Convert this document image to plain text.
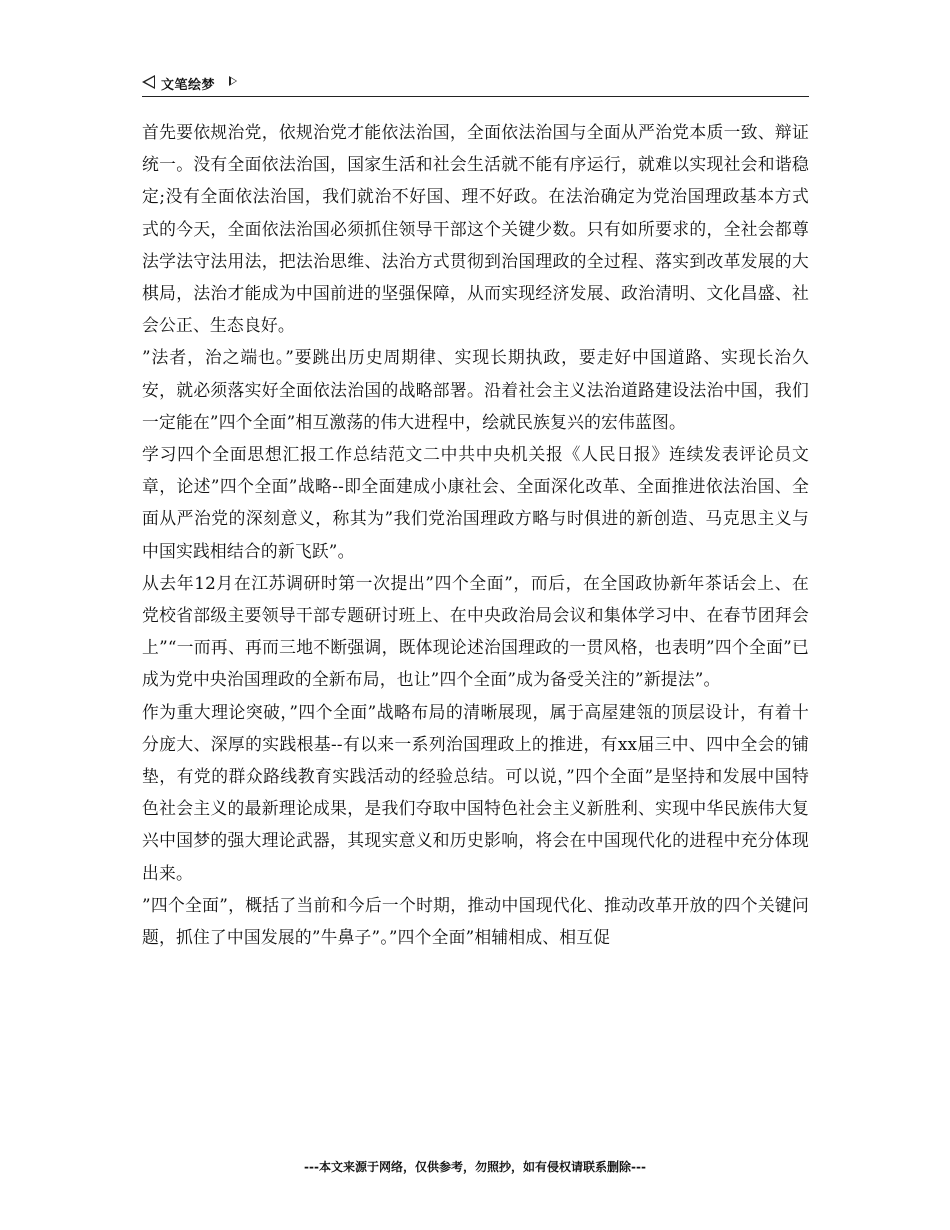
文笔绘梦

首先要依规治党，依规治党才能依法治国，全面依法治国与全面从严治党本质一致、辩证统一。没有全面依法治国，国家生活和社会生活就不能有序运行，就难以实现社会和谐稳定;没有全面依法治国，我们就治不好国、理不好政。在法治确定为党治国理政基本方式式的今天，全面依法治国必须抓住领导干部这个关键少数。只有如所要求的，全社会都尊法学法守法用法，把法治思维、法治方式贯彻到治国理政的全过程、落实到改革发展的大棋局，法治才能成为中国前进的坚强保障，从而实现经济发展、政治清明、文化昌盛、社会公正、生态良好。

”法者，治之端也。”要跳出历史周期律、实现长期执政，要走好中国道路、实现长治久安，就必须落实好全面依法治国的战略部署。沿着社会主义法治道路建设法治中国，我们一定能在”四个全面”相互激荡的伟大进程中，绘就民族复兴的宏伟蓝图。

学习四个全面思想汇报工作总结范文二中共中央机关报《人民日报》连续发表评论员文章，论述”四个全面”战略--即全面建成小康社会、全面深化改革、全面推进依法治国、全面从严治党的深刻意义，称其为”我们党治国理政方略与时俱进的新创造、马克思主义与中国实践相结合的新飞跃”。

从去年12月在江苏调研时第一次提出”四个全面”，而后，在全国政协新年茶话会上、在党校省部级主要领导干部专题研讨班上、在中央政治局会议和集体学习中、在春节团拜会上”“一而再、再而三地不断强调，既体现论述治国理政的一贯风格，也表明”四个全面”已成为党中央治国理政的全新布局，也让”四个全面”成为备受关注的”新提法”。

作为重大理论突破，”四个全面”战略布局的清晰展现，属于高屋建瓴的顶层设计，有着十分庞大、深厚的实践根基--有以来一系列治国理政上的推进，有xx届三中、四中全会的铺垫，有党的群众路线教育实践活动的经验总结。可以说，”四个全面”是坚持和发展中国特色社会主义的最新理论成果，是我们夺取中国特色社会主义新胜利、实现中华民族伟大复兴中国梦的强大理论武器，其现实意义和历史影响，将会在中国现代化的进程中充分体现出来。

”四个全面”，概括了当前和今后一个时期，推动中国现代化、推动改革开放的四个关键问题，抓住了中国发展的”牛鼻子”。”四个全面”相辅相成、相互促

---本文来源于网络，仅供参考，勿照抄，如有侵权请联系删除---
